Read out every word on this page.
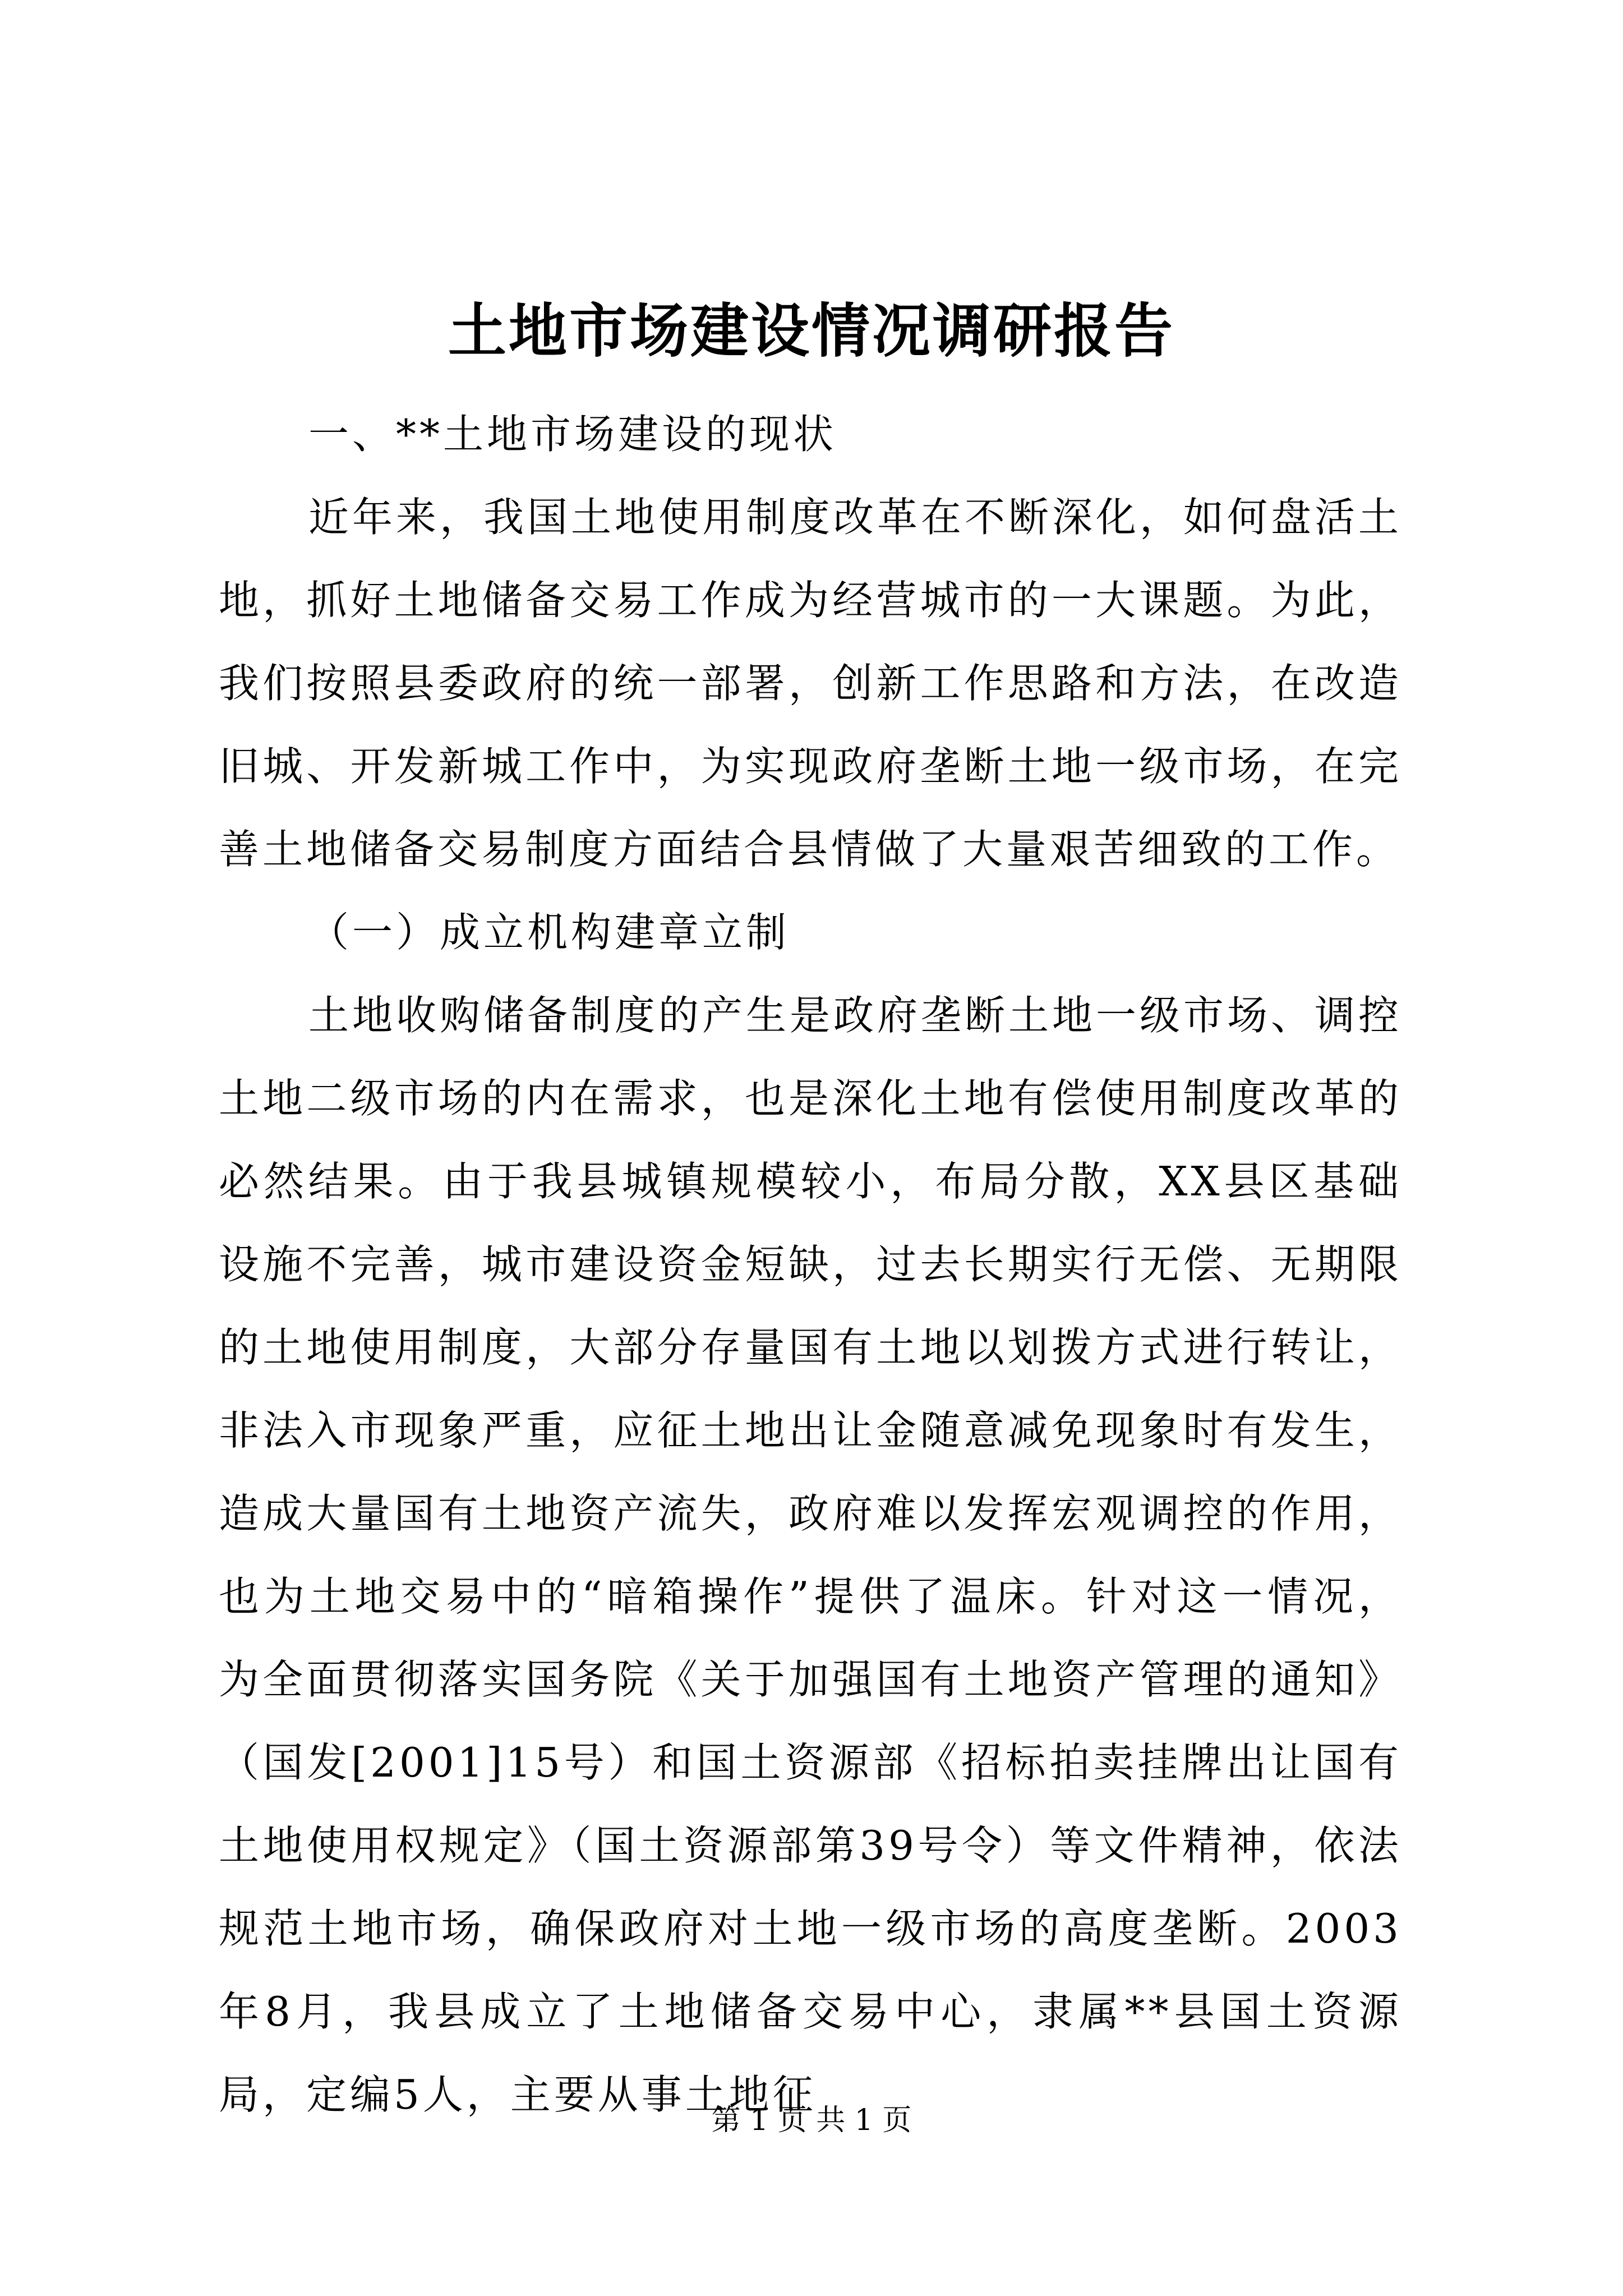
土地市场建设情况调研报告

一、**土地市场建设的现状

近年来，我国土地使用制度改革在不断深化，如何盘活土地，抓好土地储备交易工作成为经营城市的一大课题。为此，我们按照县委政府的统一部署，创新工作思路和方法，在改造旧城、开发新城工作中，为实现政府垄断土地一级市场，在完善土地储备交易制度方面结合县情做了大量艰苦细致的工作。

（一）成立机构建章立制

土地收购储备制度的产生是政府垄断土地一级市场、调控土地二级市场的内在需求，也是深化土地有偿使用制度改革的必然结果。由于我县城镇规模较小，布局分散，XX县区基础设施不完善，城市建设资金短缺，过去长期实行无偿、无期限的土地使用制度，大部分存量国有土地以划拨方式进行转让，非法入市现象严重，应征土地出让金随意减免现象时有发生，造成大量国有土地资产流失，政府难以发挥宏观调控的作用，也为土地交易中的“暗箱操作”提供了温床。针对这一情况，为全面贯彻落实国务院《关于加强国有土地资产管理的通知》（国发[2001]15号）和国土资源部《招标拍卖挂牌出让国有土地使用权规定》（国土资源部第39号令）等文件精神，依法规范土地市场，确保政府对土地一级市场的高度垄断。2003年8月，我县成立了土地储备交易中心，隶属**县国土资源局，定编5人，主要从事土地征

第 1 页 共 1 页
